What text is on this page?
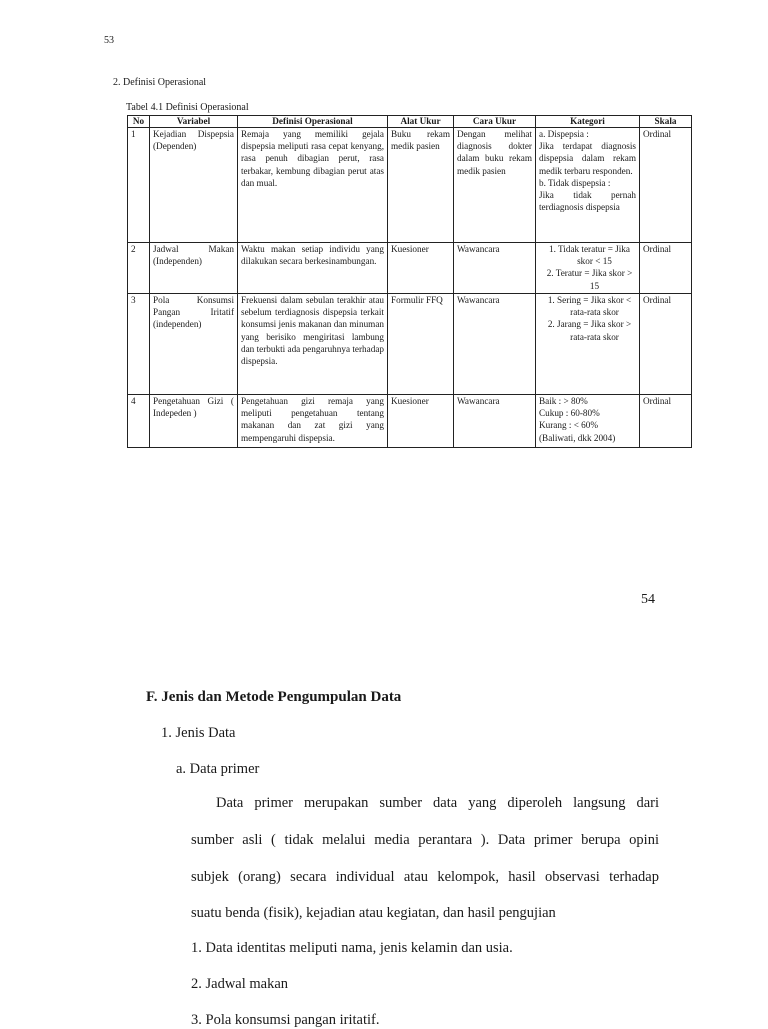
53
2. Definisi Operasional
Tabel 4.1 Definisi Operasional
No	Variabel	Definisi Operasional	Alat Ukur	Cara Ukur	Kategori	Skala
1	Kejadian Dispepsia (Dependen)	Remaja yang memiliki gejala dispepsia meliputi rasa cepat kenyang, rasa penuh dibagian perut, rasa terbakar, kembung dibagian perut atas dan mual.	Buku rekam medik pasien	Dengan melihat diagnosis dokter dalam buku rekam medik pasien	a. Dispepsia :
Jika terdapat diagnosis dispepsia dalam rekam medik terbaru responden.
b. Tidak dispepsia :
Jika tidak pernah terdiagnosis dispepsia	Ordinal
2	Jadwal Makan (Independen)	Waktu makan setiap individu yang dilakukan secara berkesinambungan.	Kuesioner	Wawancara	1. Tidak teratur = Jika skor < 15
2. Teratur = Jika skor > 15	Ordinal
3	Pola Konsumsi Pangan Iritatif (independen)	Frekuensi dalam sebulan terakhir atau sebelum terdiagnosis dispepsia terkait konsumsi jenis makanan dan minuman yang berisiko mengiritasi lambung dan terbukti ada pengaruhnya terhadap dispepsia.	Formulir FFQ	Wawancara	1. Sering = Jika skor < rata-rata skor
2. Jarang = Jika skor > rata-rata skor	Ordinal
4	Pengetahuan Gizi ( Indepeden )	Pengetahuan gizi remaja yang meliputi pengetahuan tentang makanan dan zat gizi yang mempengaruhi dispepsia.	Kuesioner	Wawancara	Baik : > 80%
Cukup : 60-80%
Kurang : < 60%
(Baliwati, dkk 2004)	Ordinal
54
F. Jenis dan Metode Pengumpulan Data
1. Jenis Data
a. Data primer
Data primer merupakan sumber data yang diperoleh langsung dari
sumber asli ( tidak melalui media perantara ). Data primer berupa opini
subjek (orang) secara individual atau kelompok, hasil observasi terhadap
suatu benda (fisik), kejadian atau kegiatan, dan hasil pengujian
1. Data identitas meliputi nama, jenis kelamin dan usia.
2. Jadwal makan
3. Pola konsumsi pangan iritatif.
